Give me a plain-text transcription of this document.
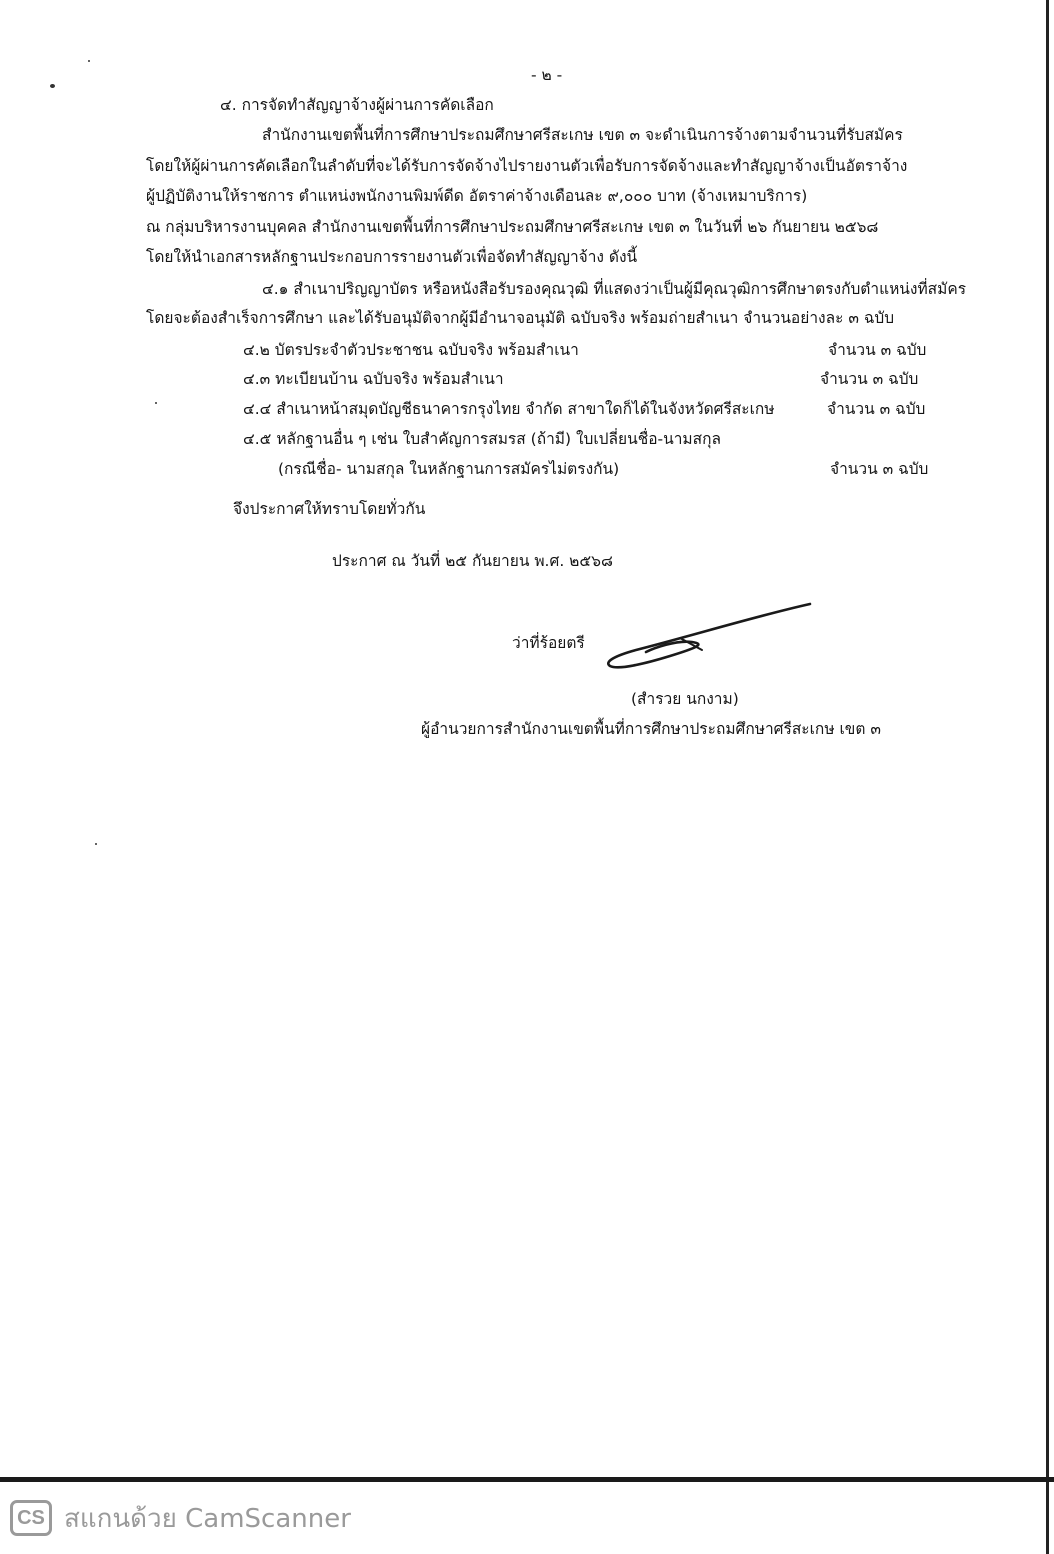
- ๒ -
๔. การจัดทำสัญญาจ้างผู้ผ่านการคัดเลือก
สำนักงานเขตพื้นที่การศึกษาประถมศึกษาศรีสะเกษ เขต ๓ จะดำเนินการจ้างตามจำนวนที่รับสมัคร
โดยให้ผู้ผ่านการคัดเลือกในลำดับที่จะได้รับการจัดจ้างไปรายงานตัวเพื่อรับการจัดจ้างและทำสัญญาจ้างเป็นอัตราจ้าง
ผู้ปฏิบัติงานให้ราชการ ตำแหน่งพนักงานพิมพ์ดีด อัตราค่าจ้างเดือนละ ๙,๐๐๐ บาท (จ้างเหมาบริการ)
ณ กลุ่มบริหารงานบุคคล สำนักงานเขตพื้นที่การศึกษาประถมศึกษาศรีสะเกษ เขต ๓ ในวันที่ ๒๖ กันยายน ๒๕๖๘
โดยให้นำเอกสารหลักฐานประกอบการรายงานตัวเพื่อจัดทำสัญญาจ้าง ดังนี้
๔.๑ สำเนาปริญญาบัตร หรือหนังสือรับรองคุณวุฒิ ที่แสดงว่าเป็นผู้มีคุณวุฒิการศึกษาตรงกับตำแหน่งที่สมัคร
โดยจะต้องสำเร็จการศึกษา และได้รับอนุมัติจากผู้มีอำนาจอนุมัติ ฉบับจริง พร้อมถ่ายสำเนา จำนวนอย่างละ ๓ ฉบับ
๔.๒ บัตรประจำตัวประชาชน ฉบับจริง พร้อมสำเนา	จำนวน ๓ ฉบับ
๔.๓ ทะเบียนบ้าน ฉบับจริง พร้อมสำเนา	จำนวน ๓ ฉบับ
๔.๔ สำเนาหน้าสมุดบัญชีธนาคารกรุงไทย จำกัด สาขาใดก็ได้ในจังหวัดศรีสะเกษ	จำนวน ๓ ฉบับ
๔.๕ หลักฐานอื่น ๆ เช่น ใบสำคัญการสมรส (ถ้ามี) ใบเปลี่ยนชื่อ-นามสกุล
(กรณีชื่อ- นามสกุล ในหลักฐานการสมัครไม่ตรงกัน)	จำนวน ๓ ฉบับ
จึงประกาศให้ทราบโดยทั่วกัน
ประกาศ ณ วันที่ ๒๕ กันยายน พ.ศ. ๒๕๖๘
ว่าที่ร้อยตรี
(สำรวย นกงาม)
ผู้อำนวยการสำนักงานเขตพื้นที่การศึกษาประถมศึกษาศรีสะเกษ เขต ๓
CS สแกนด้วย CamScanner
